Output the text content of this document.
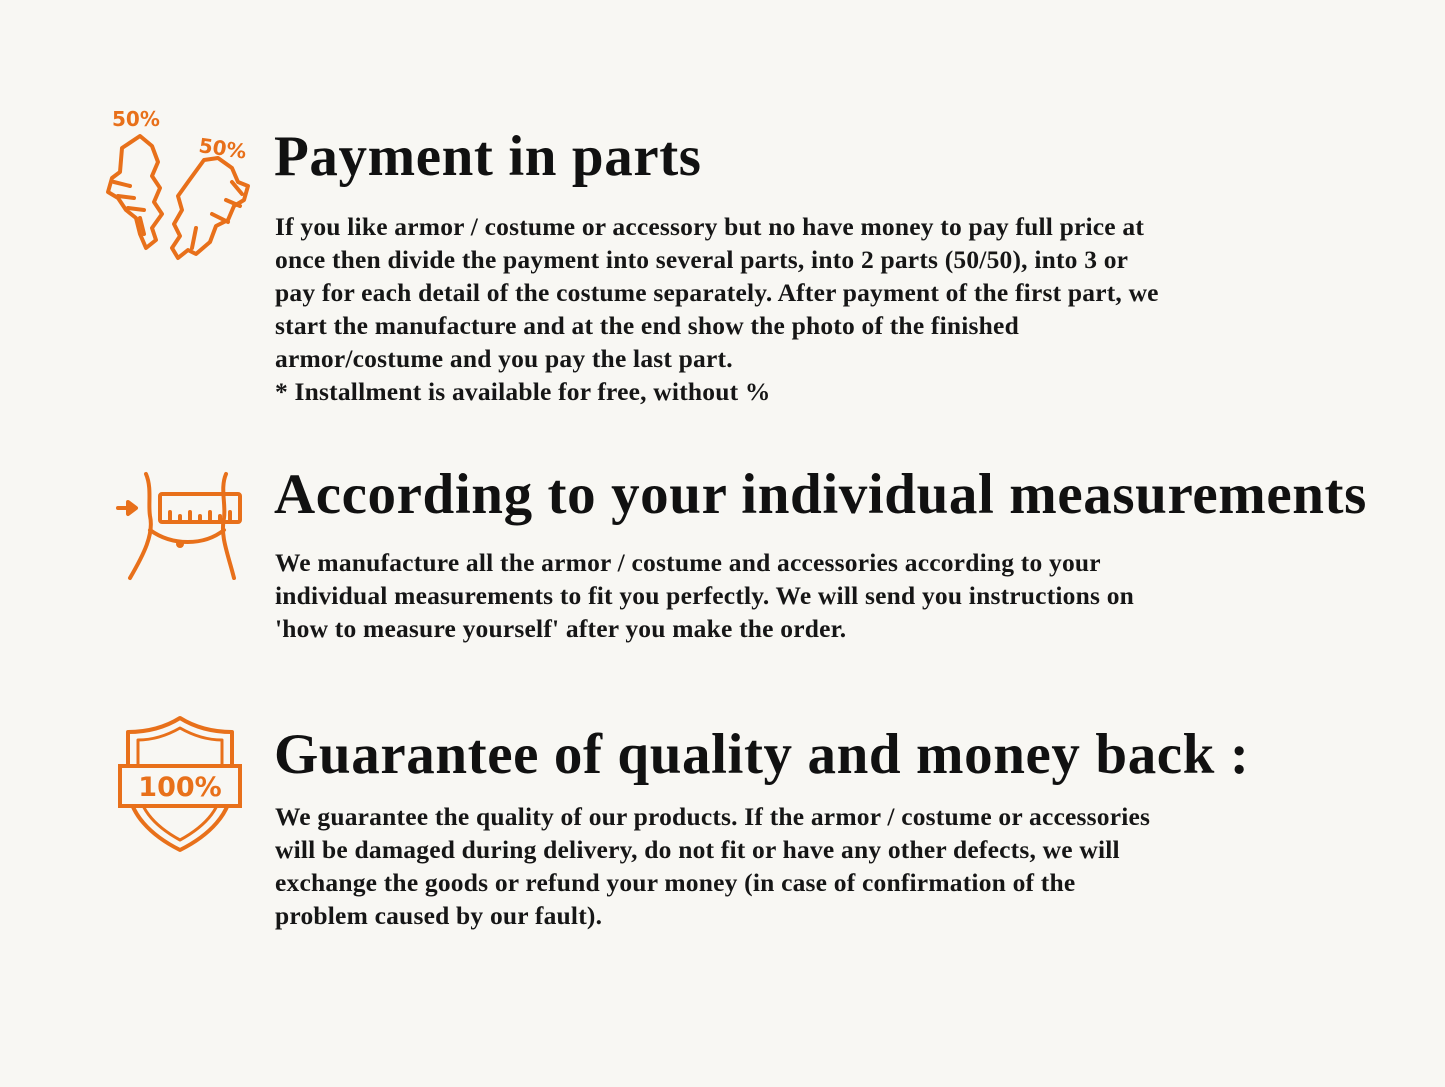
50%
50% Payment in parts
If you like armor / costume or accessory but no have money to pay full price at
once then divide the payment into several parts, into 2 parts (50/50), into 3 or
pay for each detail of the costume separately. After payment of the first part, we
start the manufacture and at the end show the photo of the finished
armor/costume and you pay the last part.
* Installment is available for free, without %
According to your individual measurements
We manufacture all the armor / costume and accessories according to your
individual measurements to fit you perfectly. We will send you instructions on
'how to measure yourself' after you make the order.
100%
Guarantee of quality and money back :
We guarantee the quality of our products. If the armor / costume or accessories
will be damaged during delivery, do not fit or have any other defects, we will
exchange the goods or refund your money (in case of confirmation of the
problem caused by our fault).
